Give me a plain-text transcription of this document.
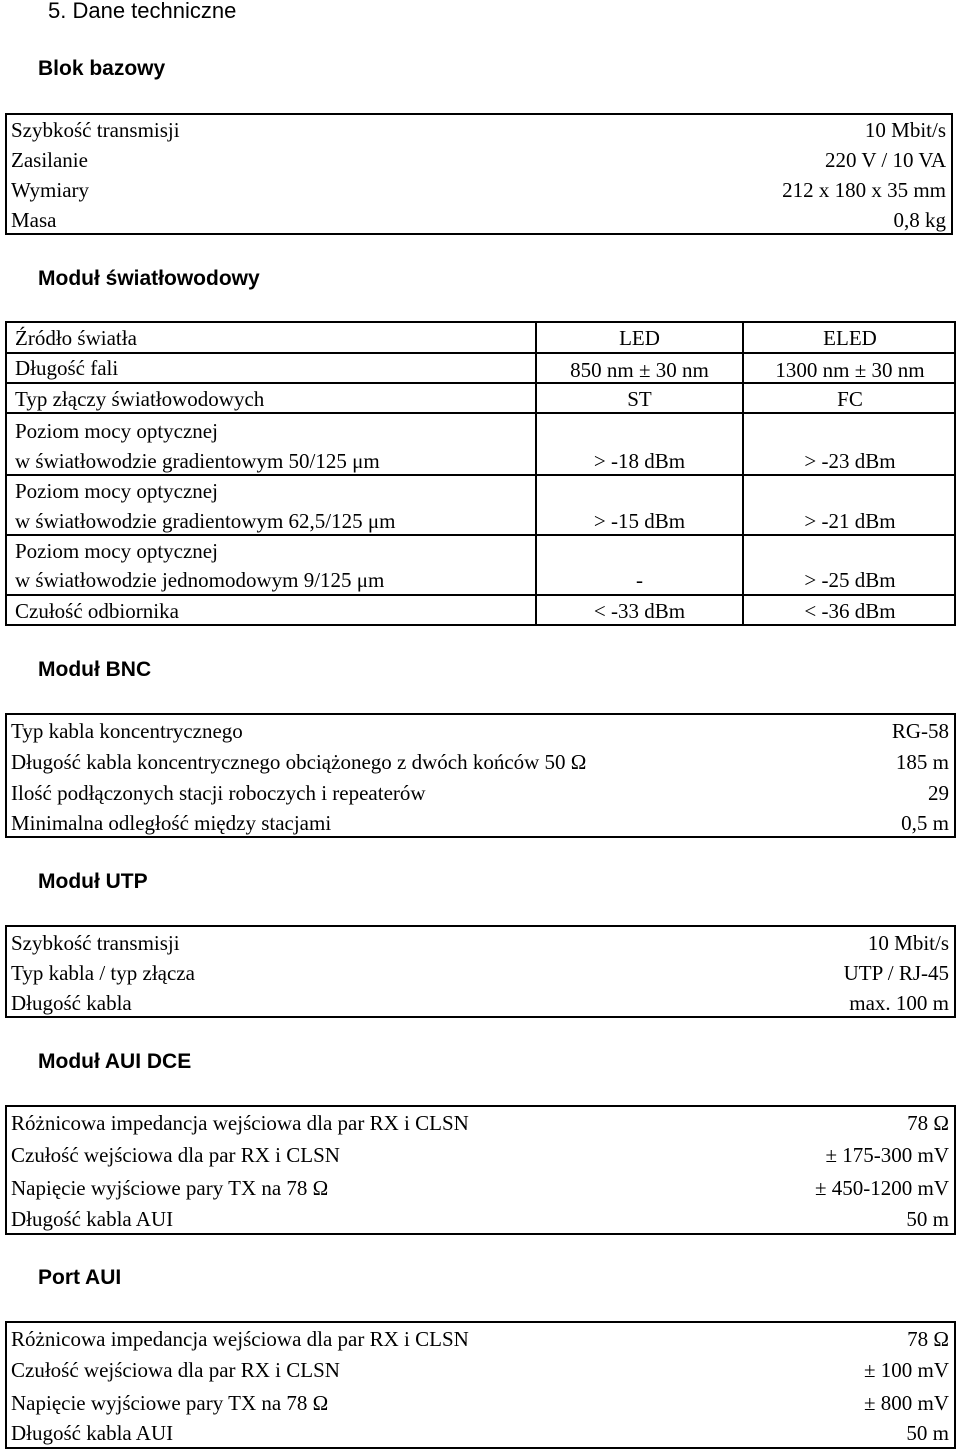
5. Dane techniczne
Blok bazowy
Szybkość transmisji	10 Mbit/s
Zasilanie	220 V / 10 VA
Wymiary	212 x 180 x 35 mm
Masa	0,8 kg
Moduł światłowodowy
Źródło światła	LED	ELED
Długość fali	850 nm ± 30 nm	1300 nm ± 30 nm
Typ złączy światłowodowych	ST	FC
Poziom mocy optycznej
w światłowodzie gradientowym 50/125 μm	> -18 dBm	> -23 dBm
Poziom mocy optycznej
w światłowodzie gradientowym 62,5/125 μm	> -15 dBm	> -21 dBm
Poziom mocy optycznej
w światłowodzie jednomodowym 9/125 μm	-	> -25 dBm
Czułość odbiornika	< -33 dBm	< -36 dBm
Moduł BNC
Typ kabla koncentrycznego	RG-58
Długość kabla koncentrycznego obciążonego z dwóch końców 50 Ω	185 m
Ilość podłączonych stacji roboczych i repeaterów	29
Minimalna odległość między stacjami	0,5 m
Moduł UTP
Szybkość transmisji	10 Mbit/s
Typ kabla / typ złącza	UTP / RJ-45
Długość kabla	max. 100 m
Moduł AUI DCE
Różnicowa impedancja wejściowa dla par RX i CLSN	78 Ω
Czułość wejściowa dla par RX i CLSN	± 175-300 mV
Napięcie wyjściowe pary TX na 78 Ω	± 450-1200 mV
Długość kabla AUI	50 m
Port AUI
Różnicowa impedancja wejściowa dla par RX i CLSN	78 Ω
Czułość wejściowa dla par RX i CLSN	± 100 mV
Napięcie wyjściowe pary TX na 78 Ω	± 800 mV
Długość kabla AUI	50 m
